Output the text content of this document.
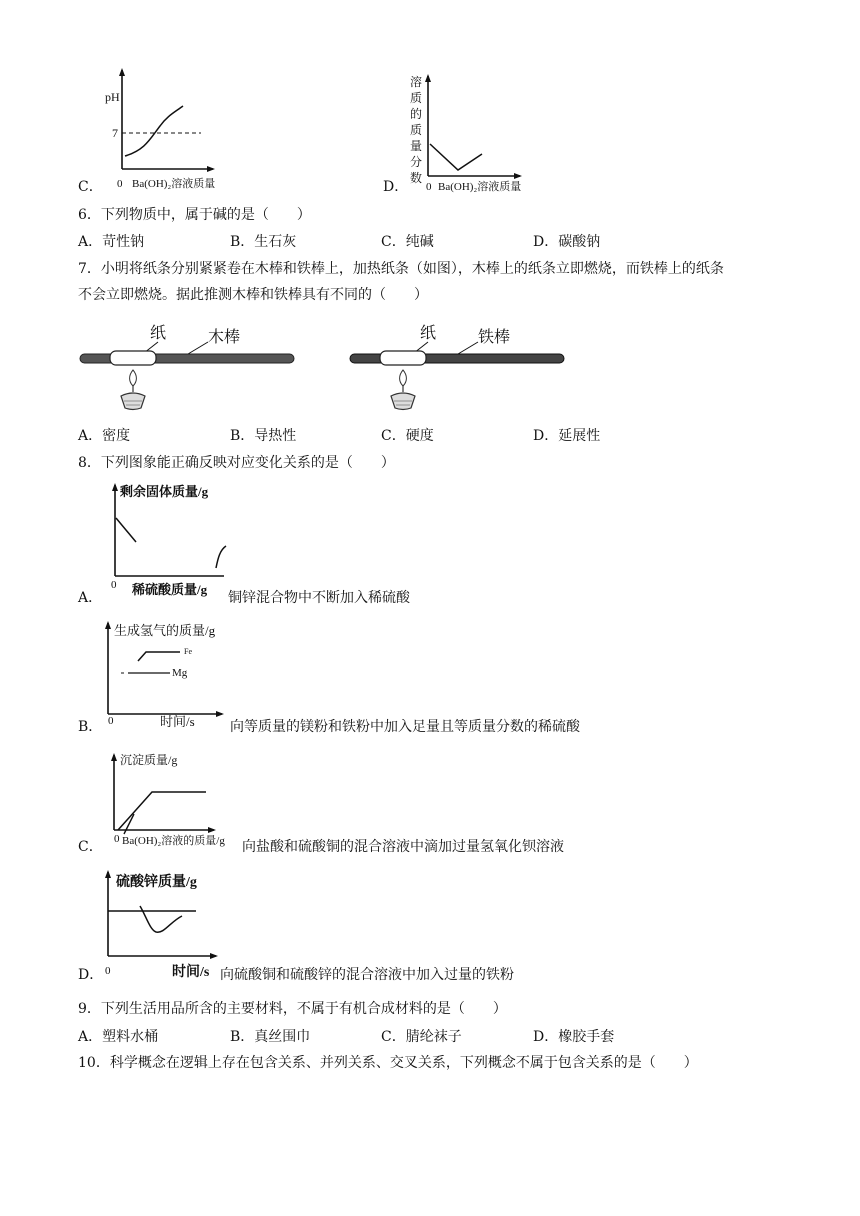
C．
pH
7
0 Ba(OH)₂溶液质量	D．
溶
质
的
质
量
分
数
0 Ba(OH)₂溶液质量
6．下列物质中，属于碱的是（　　）
A．苛性钠	B．生石灰	C．纯碱	D．碳酸钠
7．小明将纸条分别紧紧卷在木棒和铁棒上，加热纸条（如图），木棒上的纸条立即燃烧，而铁棒上的纸条
不会立即燃烧。据此推测木棒和铁棒具有不同的（　　）
纸	木棒	纸	铁棒
A．密度	B．导热性	C．硬度	D．延展性
8．下列图象能正确反映对应变化关系的是（　　）
A．
剩余固体质量/g
0 稀硫酸质量/g
铜锌混合物中不断加入稀硫酸
B．
生成氢气的质量/g
Fe
Mg
0	时间/s	向等质量的镁粉和铁粉中加入足量且等质量分数的稀硫酸
C．
沉淀质量/g
0 Ba(OH)₂溶液的质量/g 向盐酸和硫酸铜的混合溶液中滴加过量氢氧化钡溶液
D．
硫酸锌质量/g
0	时间/s 向硫酸铜和硫酸锌的混合溶液中加入过量的铁粉
9．下列生活用品所含的主要材料，不属于有机合成材料的是（　　）
A．塑料水桶	B．真丝围巾	C．腈纶袜子	D．橡胶手套
10．科学概念在逻辑上存在包含关系、并列关系、交叉关系，下列概念不属于包含关系的是（　　）
